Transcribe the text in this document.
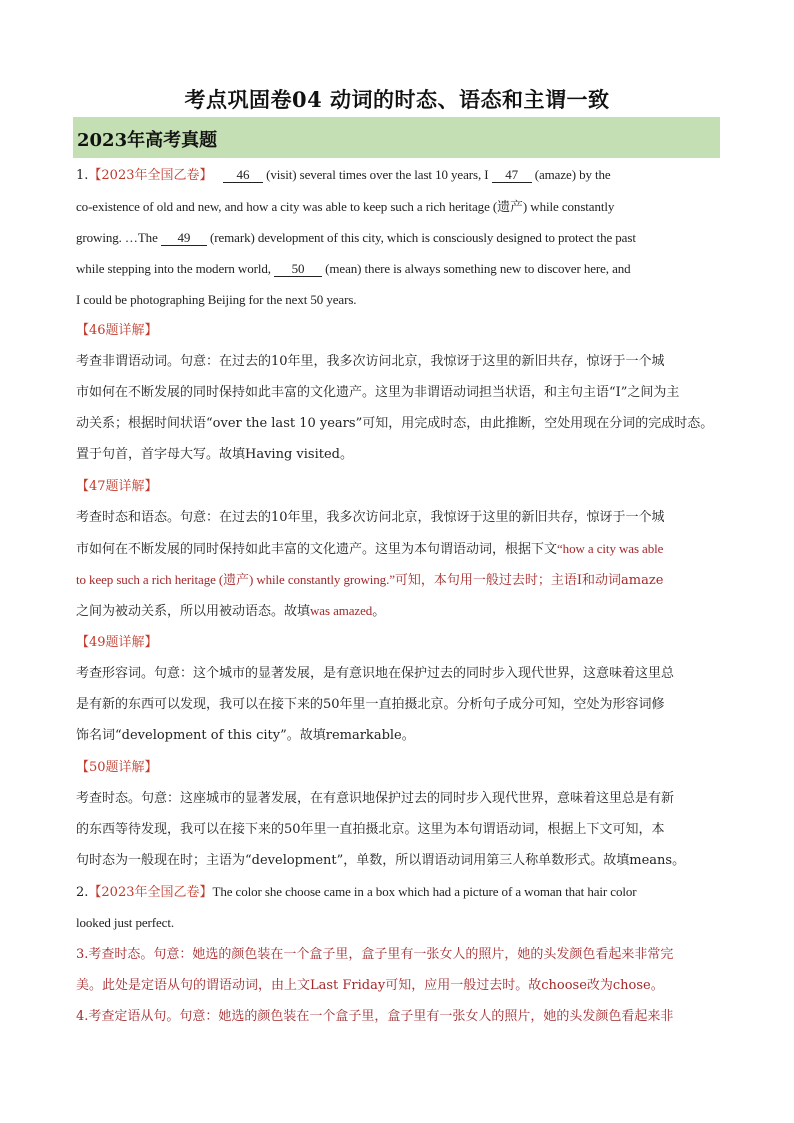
考点巩固卷04 动词的时态、语态和主谓一致
2023年高考真题
1.【2023年全国乙卷】 46 (visit) several times over the last 10 years, I 47 (amaze) by the
co-existence of old and new, and how a city was able to keep such a rich heritage (遗产) while constantly
growing. …The 49 (remark) development of this city, which is consciously designed to protect the past
while stepping into the modern world, 50 (mean) there is always something new to discover here, and
I could be photographing Beijing for the next 50 years.
【46题详解】
考查非谓语动词。句意：在过去的10年里，我多次访问北京，我惊讶于这里的新旧共存，惊讶于一个城
市如何在不断发展的同时保持如此丰富的文化遗产。这里为非谓语动词担当状语，和主句主语“I”之间为主
动关系；根据时间状语“over the last 10 years”可知，用完成时态，由此推断，空处用现在分词的完成时态。
置于句首，首字母大写。故填Having visited。
【47题详解】
考查时态和语态。句意：在过去的10年里，我多次访问北京，我惊讶于这里的新旧共存，惊讶于一个城
市如何在不断发展的同时保持如此丰富的文化遗产。这里为本句谓语动词，根据下文“how a city was able
to keep such a rich heritage (遗产) while constantly growing.”可知，本句用一般过去时；主语I和动词amaze
之间为被动关系，所以用被动语态。故填was amazed。
【49题详解】
考查形容词。句意：这个城市的显著发展，是有意识地在保护过去的同时步入现代世界，这意味着这里总
是有新的东西可以发现，我可以在接下来的50年里一直拍摄北京。分析句子成分可知，空处为形容词修
饰名词“development of this city”。故填remarkable。
【50题详解】
考查时态。句意：这座城市的显著发展，在有意识地保护过去的同时步入现代世界，意味着这里总是有新
的东西等待发现，我可以在接下来的50年里一直拍摄北京。这里为本句谓语动词，根据上下文可知，本
句时态为一般现在时；主语为“development”，单数，所以谓语动词用第三人称单数形式。故填means。
2.【2023年全国乙卷】The color she choose came in a box which had a picture of a woman that hair color
looked just perfect.
3.考查时态。句意：她选的颜色装在一个盒子里，盒子里有一张女人的照片，她的头发颜色看起来非常完
美。此处是定语从句的谓语动词，由上文Last Friday可知，应用一般过去时。故choose改为chose。
4.考查定语从句。句意：她选的颜色装在一个盒子里，盒子里有一张女人的照片，她的头发颜色看起来非
